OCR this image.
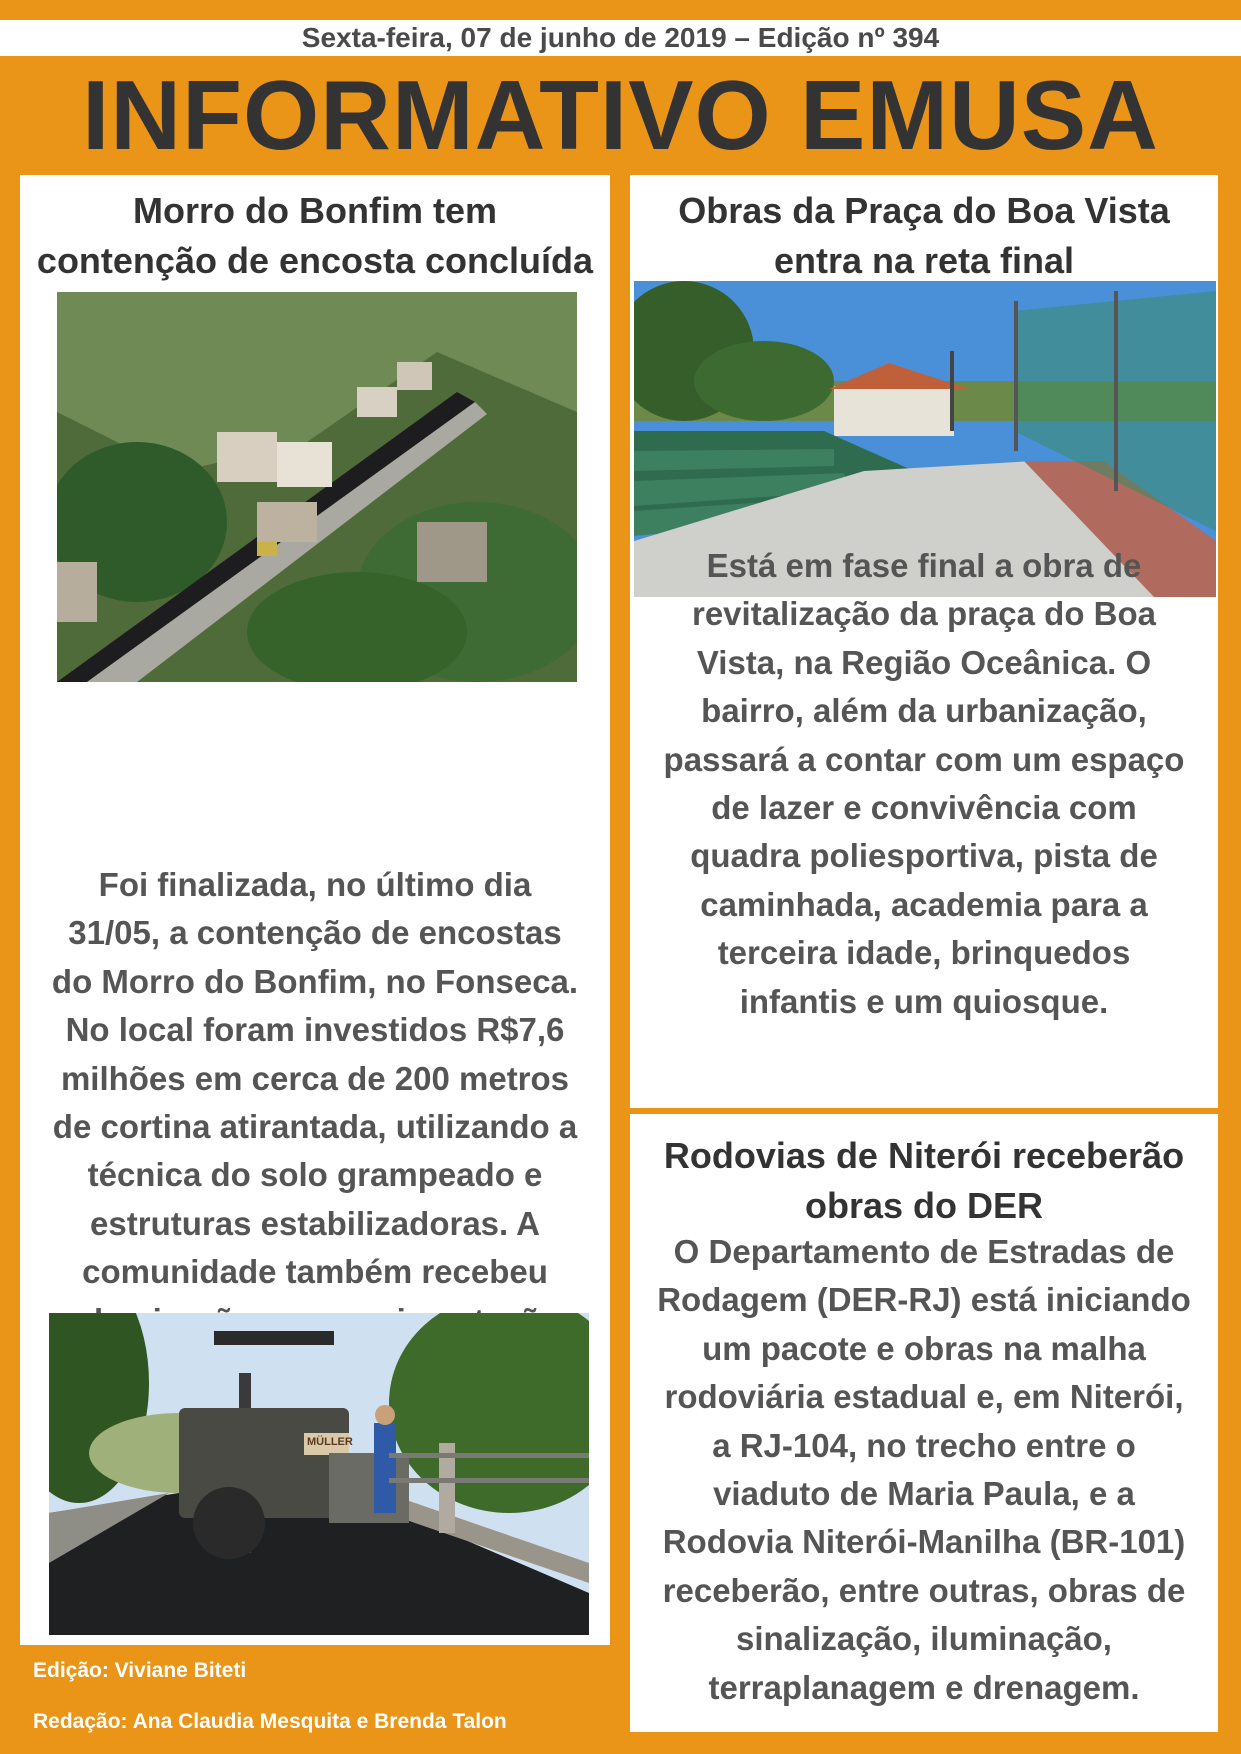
Sexta-feira, 07 de junho de 2019 – Edição nº 394
INFORMATIVO EMUSA
Morro do Bonfim tem
contenção de encosta concluída
Foi finalizada, no último dia
31/05, a contenção de encostas
do Morro do Bonfim, no Fonseca.
No local foram investidos R$7,6
milhões em cerca de 200 metros
de cortina atirantada, utilizando a
técnica do solo grampeado e
estruturas estabilizadoras. A
comunidade também recebeu
MÜLLER
Obras da Praça do Boa Vista
entra na reta final
Está em fase final a obra de
revitalização da praça do Boa
Vista, na Região Oceânica. O
bairro, além da urbanização,
passará a contar com um espaço
de lazer e convivência com
quadra poliesportiva, pista de
caminhada, academia para a
terceira idade, brinquedos
infantis e um quiosque.
Rodovias de Niterói receberão
obras do DER
O Departamento de Estradas de
Rodagem (DER-RJ) está iniciando
um pacote e obras na malha
rodoviária estadual e, em Niterói,
a RJ-104, no trecho entre o
viaduto de Maria Paula, e a
Rodovia Niterói-Manilha (BR-101)
receberão, entre outras, obras de
sinalização, iluminação,
terraplanagem e drenagem.
Edição: Viviane Biteti
Redação: Ana Claudia Mesquita e Brenda Talon
